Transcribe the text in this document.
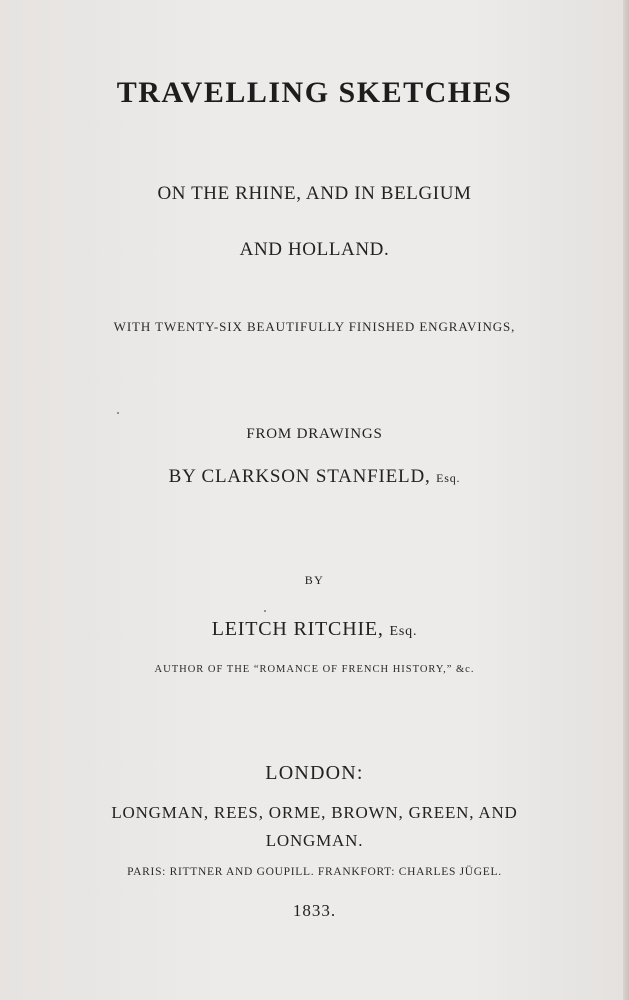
TRAVELLING SKETCHES
ON THE RHINE, AND IN BELGIUM
AND HOLLAND.
WITH TWENTY-SIX BEAUTIFULLY FINISHED ENGRAVINGS,
FROM DRAWINGS
BY CLARKSON STANFIELD, Esq.
BY
LEITCH RITCHIE, Esq.
AUTHOR OF THE “ROMANCE OF FRENCH HISTORY,” &c.
LONDON:
LONGMAN, REES, ORME, BROWN, GREEN, AND
LONGMAN.
PARIS: RITTNER AND GOUPILL. FRANKFORT: CHARLES JÜGEL.
1833.
